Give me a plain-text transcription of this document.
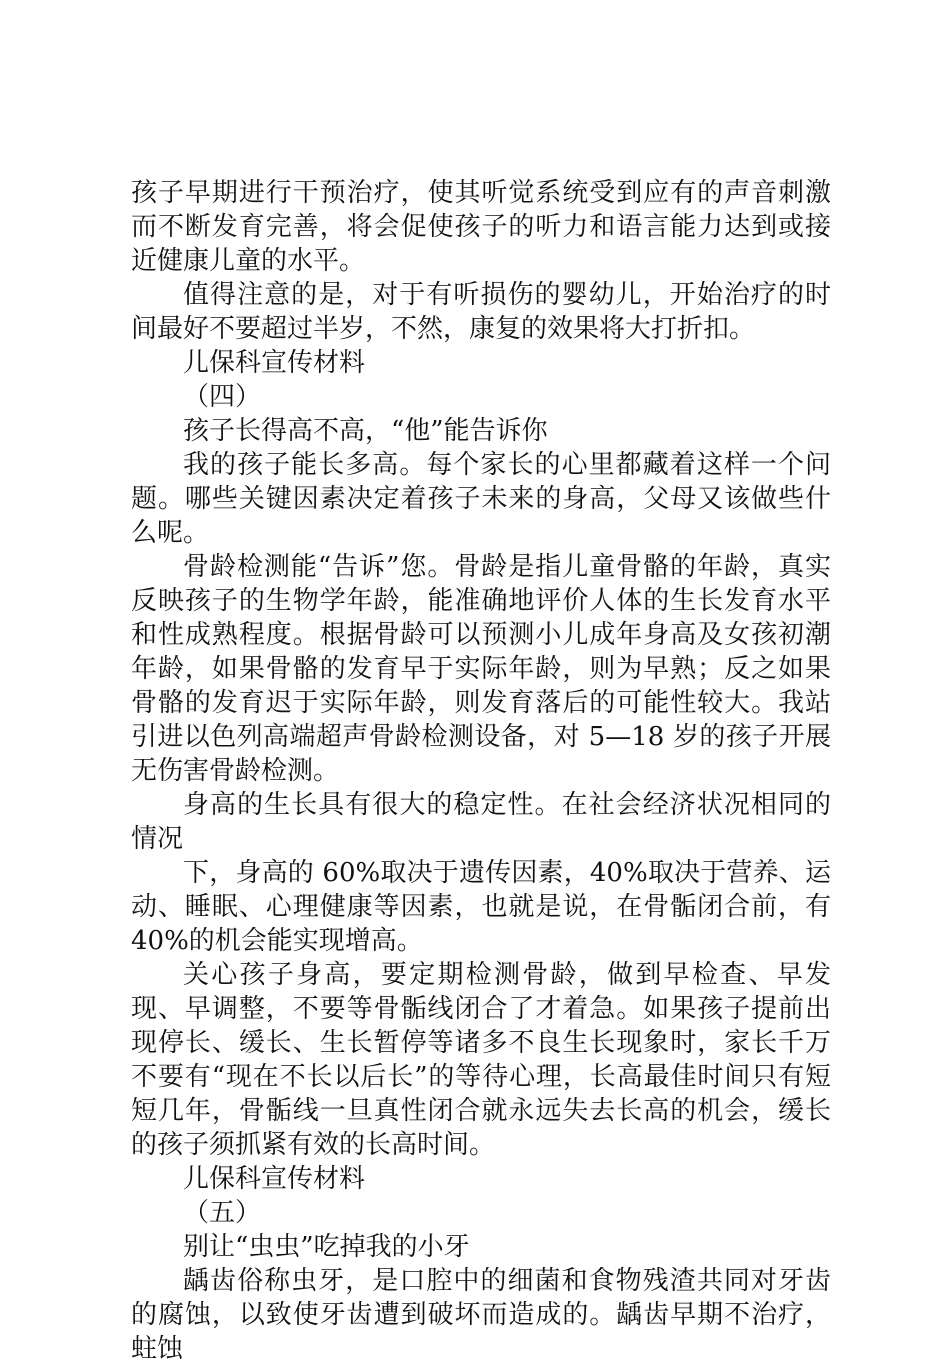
孩子早期进行干预治疗，使其听觉系统受到应有的声音刺激而不断发育完善，将会促使孩子的听力和语言能力达到或接近健康儿童的水平。

值得注意的是，对于有听损伤的婴幼儿，开始治疗的时间最好不要超过半岁，不然，康复的效果将大打折扣。

儿保科宣传材料

（四）

孩子长得高不高，“他”能告诉你

我的孩子能长多高。每个家长的心里都藏着这样一个问题。哪些关键因素决定着孩子未来的身高，父母又该做些什么呢。

骨龄检测能“告诉”您。骨龄是指儿童骨骼的年龄，真实反映孩子的生物学年龄，能准确地评价人体的生长发育水平和性成熟程度。根据骨龄可以预测小儿成年身高及女孩初潮年龄，如果骨骼的发育早于实际年龄，则为早熟；反之如果骨骼的发育迟于实际年龄，则发育落后的可能性较大。我站引进以色列高端超声骨龄检测设备，对 5—18 岁的孩子开展无伤害骨龄检测。

身高的生长具有很大的稳定性。在社会经济状况相同的情况

下，身高的 60%取决于遗传因素，40%取决于营养、运动、睡眠、心理健康等因素，也就是说，在骨骺闭合前，有 40%的机会能实现增高。

关心孩子身高，要定期检测骨龄，做到早检查、早发现、早调整，不要等骨骺线闭合了才着急。如果孩子提前出现停长、缓长、生长暂停等诸多不良生长现象时，家长千万不要有“现在不长以后长”的等待心理，长高最佳时间只有短短几年，骨骺线一旦真性闭合就永远失去长高的机会，缓长的孩子须抓紧有效的长高时间。

儿保科宣传材料

（五）

别让“虫虫”吃掉我的小牙

龋齿俗称虫牙，是口腔中的细菌和食物残渣共同对牙齿的腐蚀，以致使牙齿遭到破坏而造成的。龋齿早期不治疗，蛀蚀
